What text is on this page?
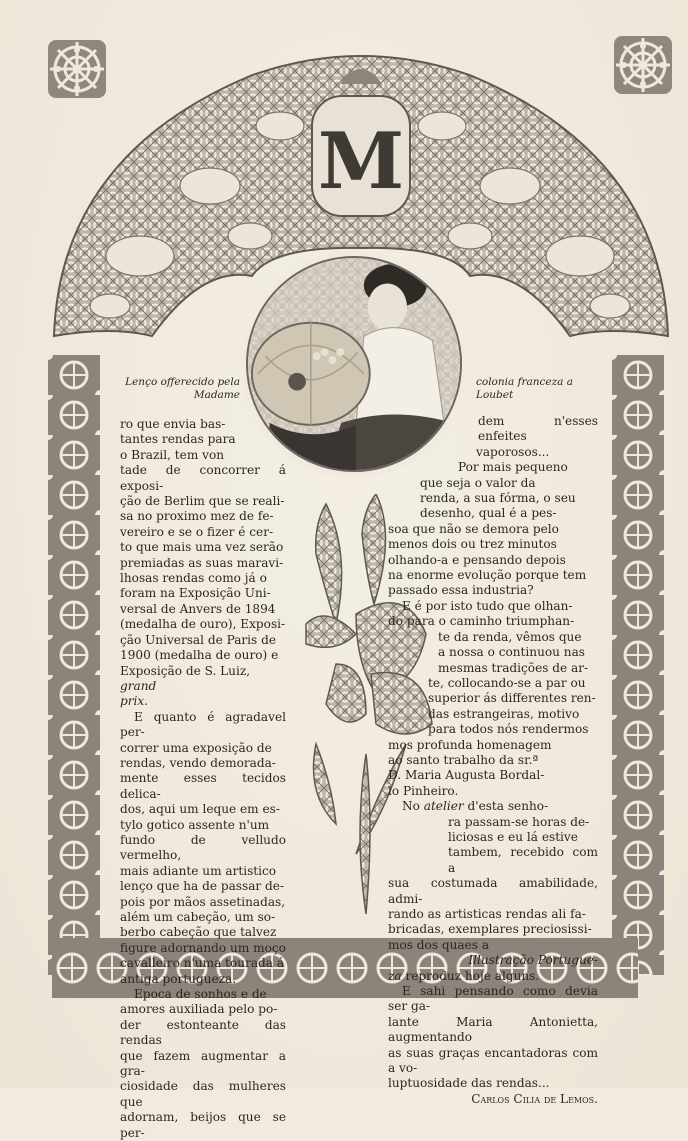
M
Lenço offerecido pela
Madame
colonia franceza a
Loubet
ro que envia bas-
tantes rendas para
o Brazil, tem von
tade de concorrer á exposi-
ção de Berlim que se reali-
sa no proximo mez de fe-
vereiro e se o fizer é cer-
to que mais uma vez serão
premiadas as suas maravi-
lhosas rendas como já o
foram na Exposição Uni-
versal de Anvers de 1894
(medalha de ouro), Exposi-
ção Universal de Paris de
1900 (medalha de ouro) e
Exposição de S. Luiz,
grand
prix.
E quanto é agradavel per-
correr uma exposição de
rendas, vendo demorada-
mente esses tecidos delica-
dos, aqui um leque em es-
tylo gotico assente n'um
fundo de velludo vermelho,
mais adiante um artistico
lenço que ha de passar de-
pois por mãos assetinadas,
além um cabeção, um so-
berbo cabeção que talvez
figure adornando um moço
cavalleiro n'uma tourada á
antiga portugueza.
Epoca de sonhos e de
amores auxiliada pelo po-
der estonteante das rendas
que fazem augmentar a gra-
ciosidade das mulheres que
adornam, beijos que se per-
dem n'esses enfeites
vaporosos...
Por mais pequeno
que seja o valor da
renda, a sua fórma, o seu
desenho, qual é a pes-
soa que não se demora pelo
menos dois ou trez minutos
olhando-a e pensando depois
na enorme evolução porque tem
passado essa industria?
E é por isto tudo que olhan-
do para o caminho triumphan-
te da renda, vêmos que
a nossa o continuou nas
mesmas tradições de ar-
te, collocando-se a par ou
superior ás differentes ren-
das estrangeiras, motivo
para todos nós rendermos
mos profunda homenagem
ao santo trabalho da sr.ª
D. Maria Augusta Bordal-
lo Pinheiro.
No atelier d'esta senho-
ra passam-se horas de-
liciosas e eu lá estive
tambem, recebido com a
sua costumada amabilidade, admi-
rando as artisticas rendas ali fa-
bricadas, exemplares preciosissi-
mos dos quaes a
Illustração Portugue-
za reproduz hoje alguns.
E sahi pensando como devia ser ga-
lante Maria Antonietta, augmentando
as suas graças encantadoras com a vo-
luptuosidade das rendas...
Carlos Cilia de Lemos.
